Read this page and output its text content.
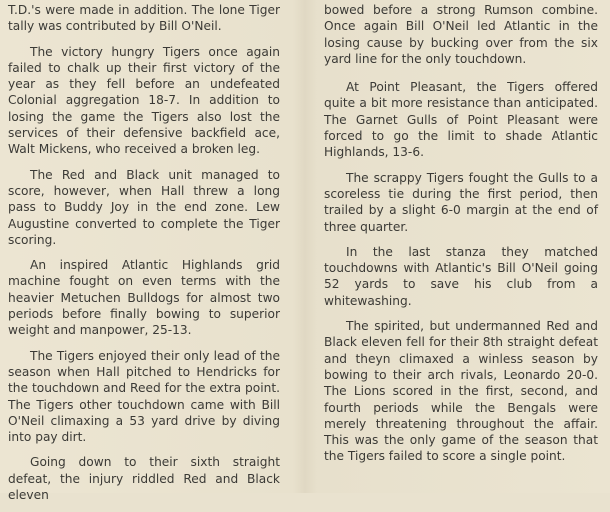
T.D.'s were made in addition. The lone Tiger tally was contributed by Bill O'Neil.

The victory hungry Tigers once again failed to chalk up their first victory of the year as they fell before an undefeated Colonial aggregation 18-7. In addition to losing the game the Tigers also lost the services of their defensive backfield ace, Walt Mickens, who received a broken leg.

The Red and Black unit managed to score, however, when Hall threw a long pass to Buddy Joy in the end zone. Lew Augustine converted to complete the Tiger scoring.

An inspired Atlantic Highlands grid machine fought on even terms with the heavier Metuchen Bulldogs for almost two periods before finally bowing to superior weight and manpower, 25-13.

The Tigers enjoyed their only lead of the season when Hall pitched to Hendricks for the touchdown and Reed for the extra point. The Tigers other touchdown came with Bill O'Neil climaxing a 53 yard drive by diving into pay dirt.

Going down to their sixth straight defeat, the injury riddled Red and Black eleven

bowed before a strong Rumson combine. Once again Bill O'Neil led Atlantic in the losing cause by bucking over from the six yard line for the only touchdown.

At Point Pleasant, the Tigers offered quite a bit more resistance than anticipated. The Garnet Gulls of Point Pleasant were forced to go the limit to shade Atlantic Highlands, 13-6.

The scrappy Tigers fought the Gulls to a scoreless tie during the first period, then trailed by a slight 6-0 margin at the end of three quarter.

In the last stanza they matched touchdowns with Atlantic's Bill O'Neil going 52 yards to save his club from a whitewashing.

The spirited, but undermanned Red and Black eleven fell for their 8th straight defeat and theyn climaxed a winless season by bowing to their arch rivals, Leonardo 20-0. The Lions scored in the first, second, and fourth periods while the Bengals were merely threatening throughout the affair. This was the only game of the season that the Tigers failed to score a single point.
